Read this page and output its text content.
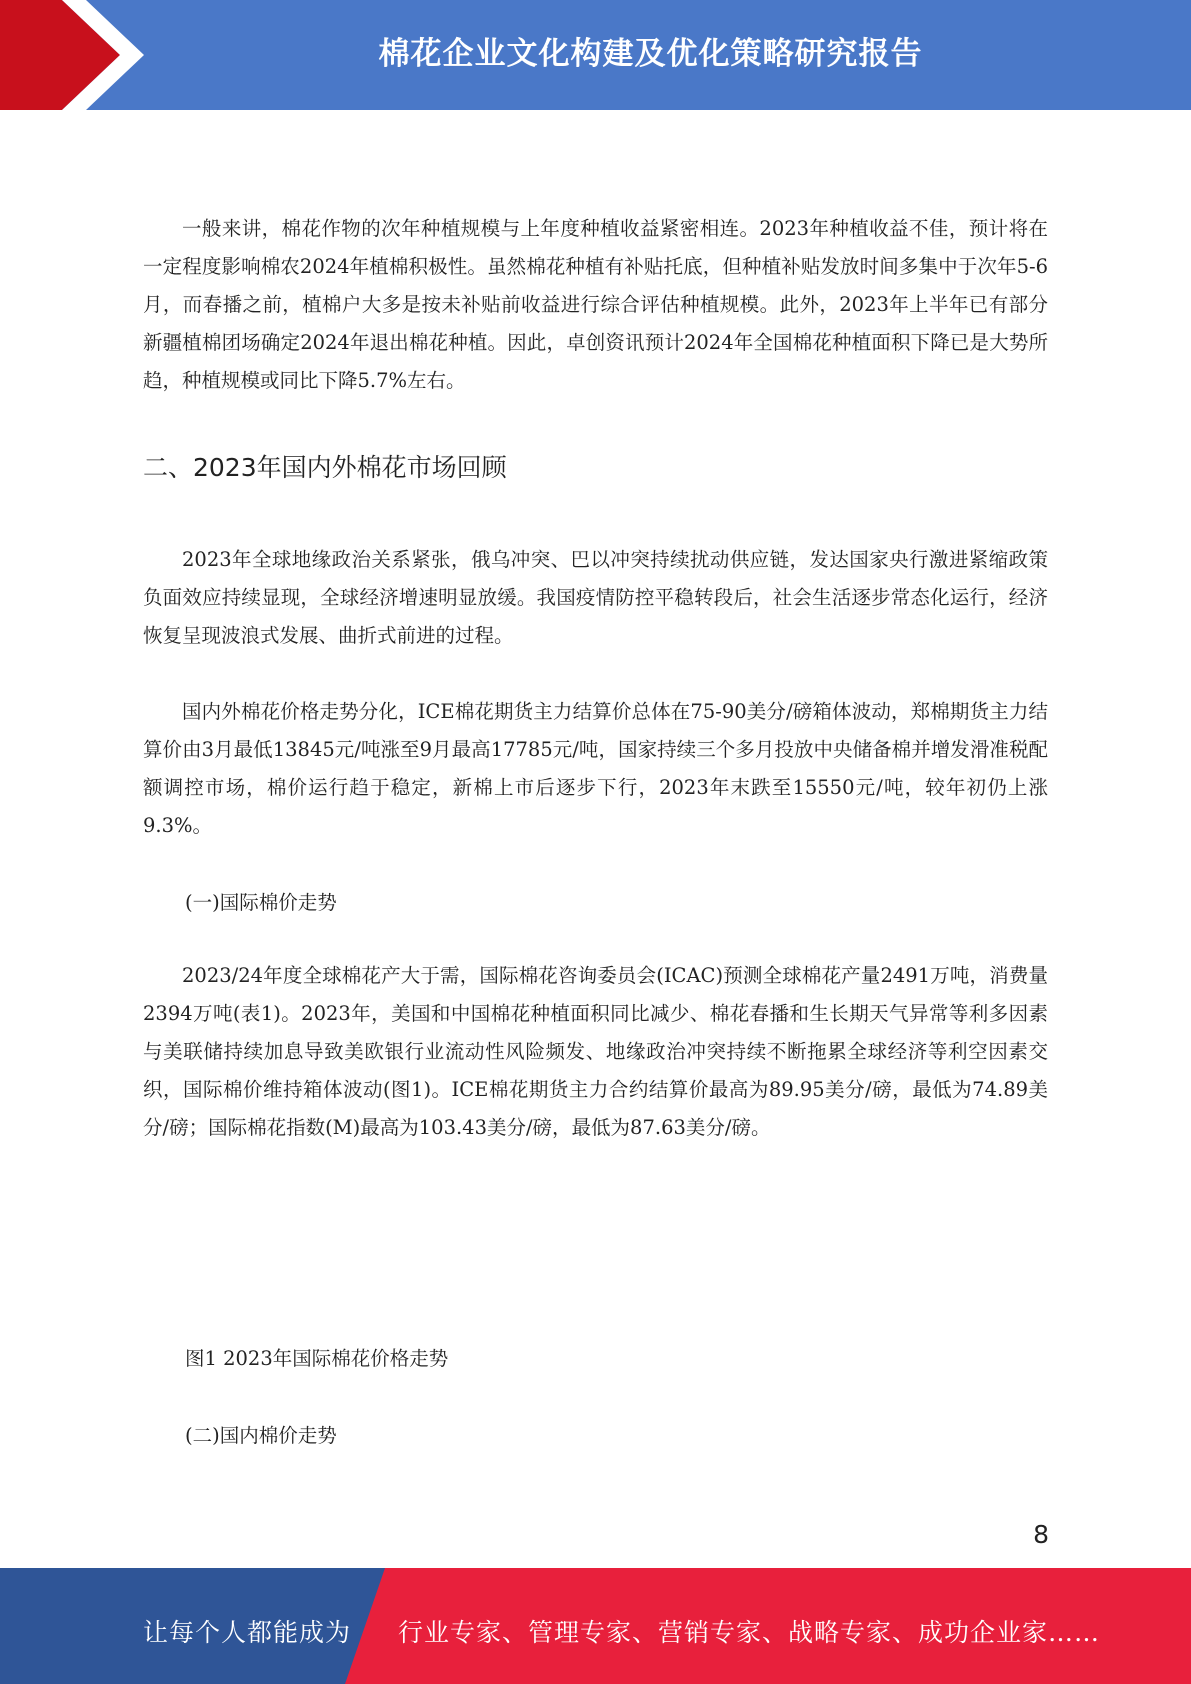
棉花企业文化构建及优化策略研究报告

一般来讲，棉花作物的次年种植规模与上年度种植收益紧密相连。2023年种植收益不佳，预计将在一定程度影响棉农2024年植棉积极性。虽然棉花种植有补贴托底，但种植补贴发放时间多集中于次年5-6月，而春播之前，植棉户大多是按未补贴前收益进行综合评估种植规模。此外，2023年上半年已有部分新疆植棉团场确定2024年退出棉花种植。因此，卓创资讯预计2024年全国棉花种植面积下降已是大势所趋，种植规模或同比下降5.7%左右。

二、2023年国内外棉花市场回顾

2023年全球地缘政治关系紧张，俄乌冲突、巴以冲突持续扰动供应链，发达国家央行激进紧缩政策负面效应持续显现，全球经济增速明显放缓。我国疫情防控平稳转段后，社会生活逐步常态化运行，经济恢复呈现波浪式发展、曲折式前进的过程。

国内外棉花价格走势分化，ICE棉花期货主力结算价总体在75-90美分/磅箱体波动，郑棉期货主力结算价由3月最低13845元/吨涨至9月最高17785元/吨，国家持续三个多月投放中央储备棉并增发滑准税配额调控市场，棉价运行趋于稳定，新棉上市后逐步下行，2023年末跌至15550元/吨，较年初仍上涨9.3%。

(一)国际棉价走势

2023/24年度全球棉花产大于需，国际棉花咨询委员会(ICAC)预测全球棉花产量2491万吨，消费量2394万吨(表1)。2023年，美国和中国棉花种植面积同比减少、棉花春播和生长期天气异常等利多因素与美联储持续加息导致美欧银行业流动性风险频发、地缘政治冲突持续不断拖累全球经济等利空因素交织，国际棉价维持箱体波动(图1)。ICE棉花期货主力合约结算价最高为89.95美分/磅，最低为74.89美分/磅；国际棉花指数(M)最高为103.43美分/磅，最低为87.63美分/磅。

图1 2023年国际棉花价格走势
(二)国内棉价走势
8
让每个人都能成为 行业专家、管理专家、营销专家、战略专家、成功企业家……
